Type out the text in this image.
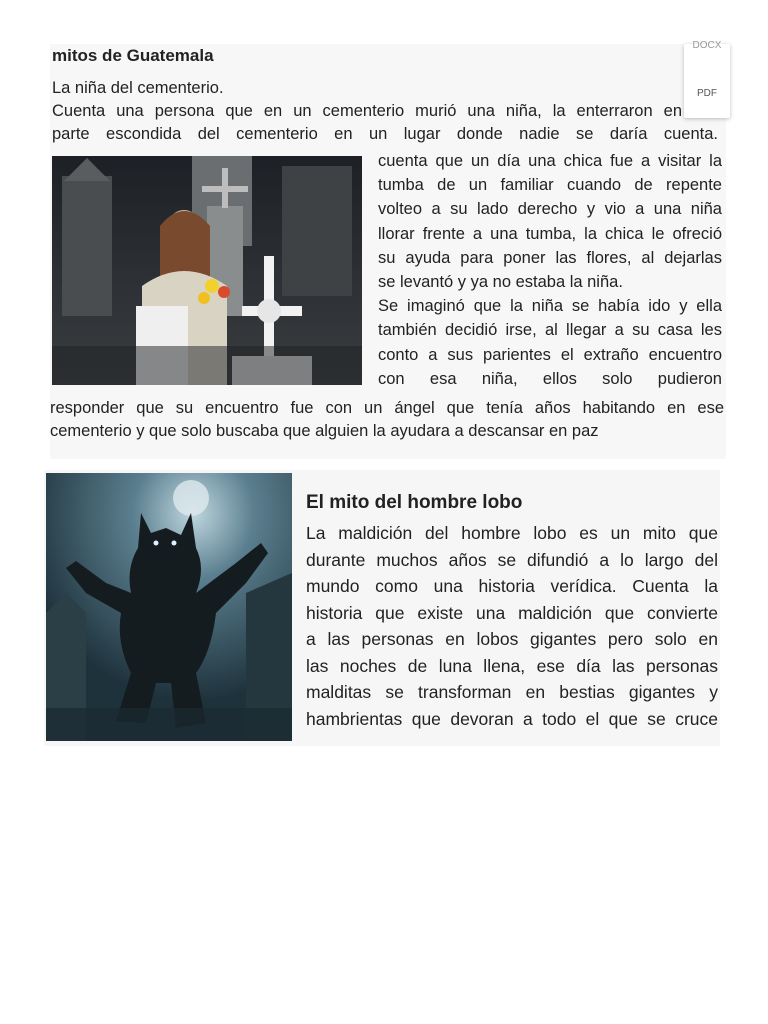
mitos de Guatemala
La niña del cementerio.
Cuenta una persona que en un cementerio murió una niña, la enterraron en
parte escondida del cementerio en un lugar donde nadie se daría cuenta.
cuenta que un día una chica fue a visitar la
tumba de un familiar cuando de repente
volteo a su lado derecho y vio a una niña
llorar frente a una tumba, la chica le ofreció
su ayuda para poner las flores, al dejarlas
se levantó y ya no estaba la niña.
Se imaginó que la niña se había ido y ella
también decidió irse, al llegar a su casa les
conto a sus parientes el extraño encuentro
con esa niña, ellos solo pudieron
responder que su encuentro fue con un ángel que tenía años habitando en ese
cementerio y que solo buscaba que alguien la ayudara a descansar en paz
El mito del hombre lobo
La maldición del hombre lobo es un mito que
durante muchos años se difundió a lo largo del
mundo como una historia verídica. Cuenta la
historia que existe una maldición que convierte
a las personas en lobos gigantes pero solo en
las noches de luna llena, ese día las personas
malditas se transforman en bestias gigantes y
hambrientas que devoran a todo el que se cruce
DOCX
PDF
